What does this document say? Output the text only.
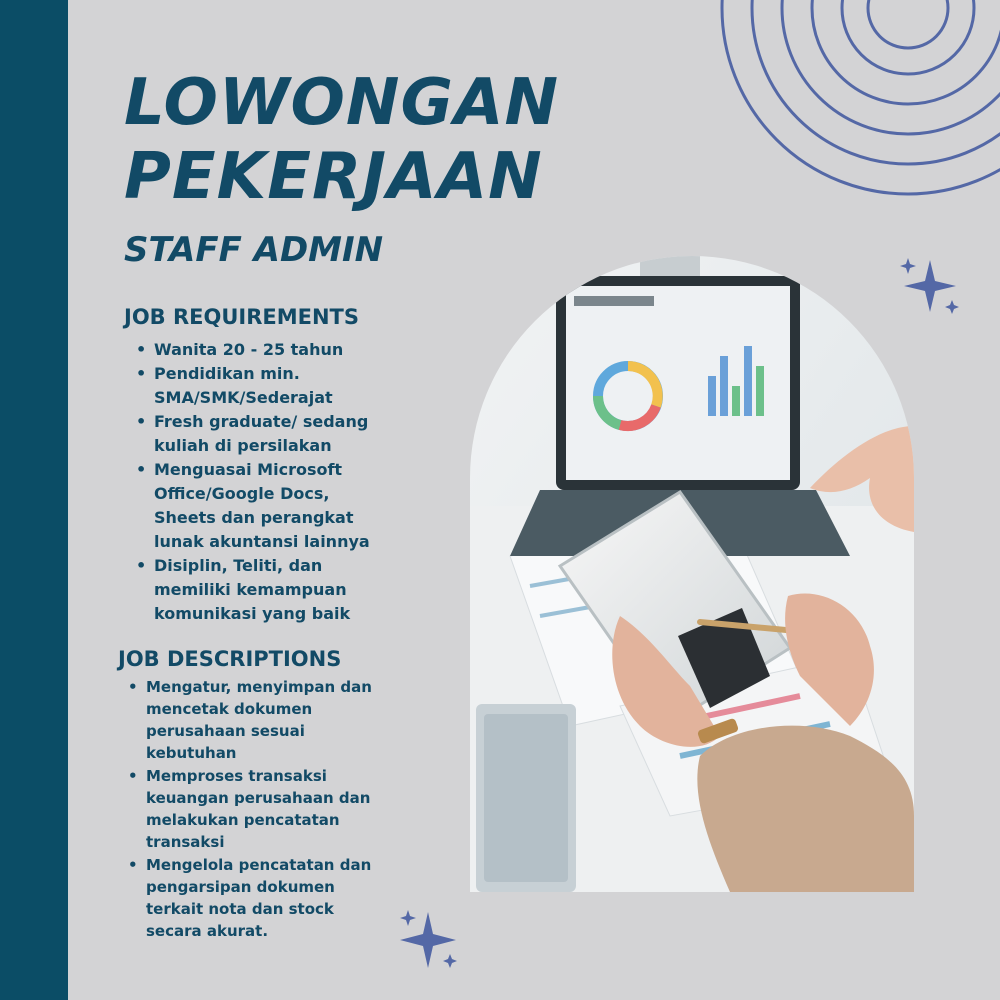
LOWONGAN
PEKERJAAN
STAFF ADMIN
JOB REQUIREMENTS
• Wanita 20 - 25 tahun
• Pendidikan min.
SMA/SMK/Sederajat
• Fresh graduate/ sedang
kuliah di persilakan
• Menguasai Microsoft
Office/Google Docs,
Sheets dan perangkat
lunak akuntansi lainnya
• Disiplin, Teliti, dan
memiliki kemampuan
komunikasi yang baik
JOB DESCRIPTIONS
• Mengatur, menyimpan dan
mencetak dokumen
perusahaan sesuai
kebutuhan
• Memproses transaksi
keuangan perusahaan dan
melakukan pencatatan
transaksi
• Mengelola pencatatan dan
pengarsipan dokumen
terkait nota dan stock
secara akurat.
